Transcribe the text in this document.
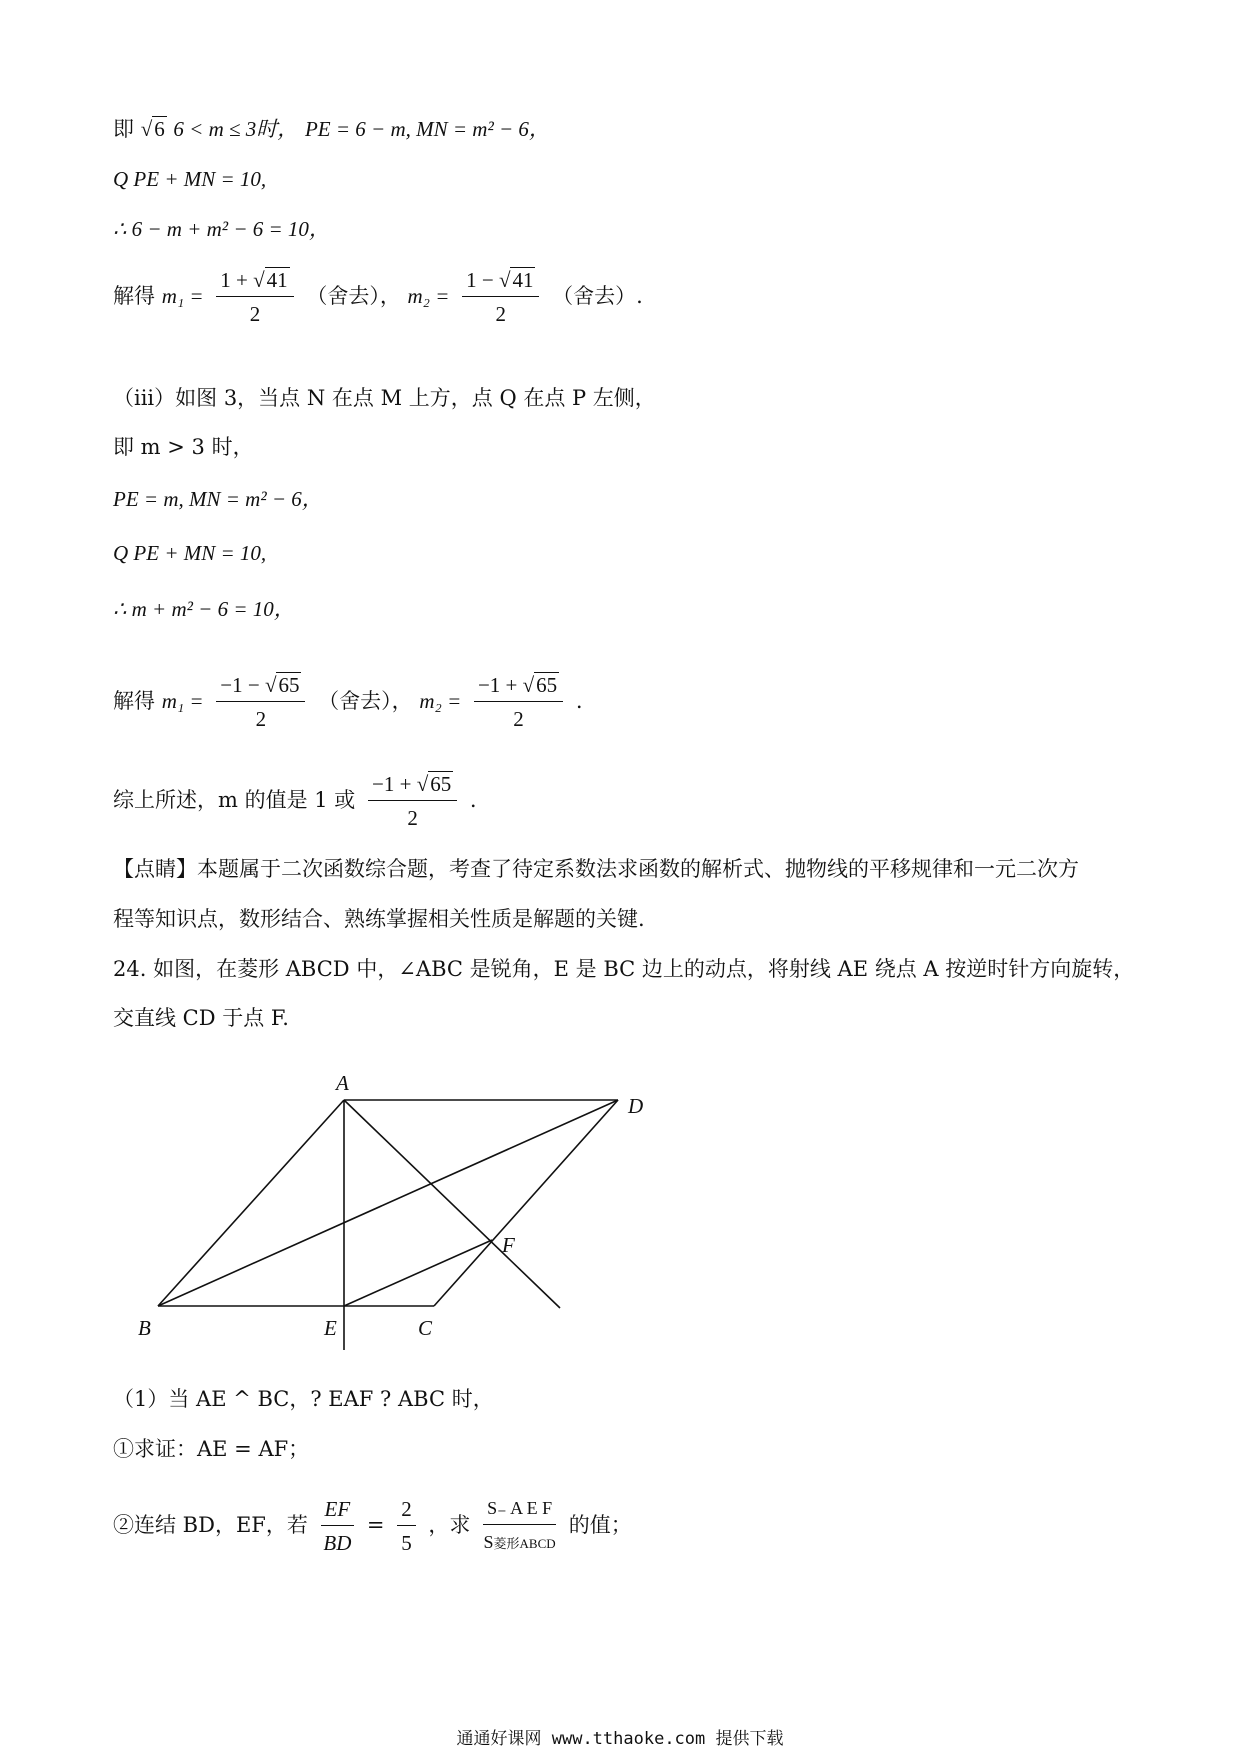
即 √6 6 < m ≤ 3时， PE = 6 − m, MN = m² − 6，
Q PE + MN = 10,
∴ 6 − m + m² − 6 = 10，
解得 $m_1 = \frac{1 + √41}{2}$ （舍去）， $m_2 = \frac{1 - √41}{2}$ （舍去）.
（iii）如图 3，当点 N 在点 M 上方，点 Q 在点 P 左侧，
即 m > 3 时，
PE = m, MN = m² − 6，
Q PE + MN = 10,
∴ m + m² − 6 = 10，
解得 $m_1 = \frac{-1 - √65}{2}$ （舍去）， $m_2 = \frac{-1 + √65}{2}$ .
综上所述，m 的值是 1 或 $\frac{-1 + √65}{2}$ .
【点睛】本题属于二次函数综合题，考查了待定系数法求函数的解析式、抛物线的平移规律和一元二次方
程等知识点，数形结合、熟练掌握相关性质是解题的关键.
24. 如图，在菱形 ABCD 中，∠ABC 是锐角，E 是 BC 边上的动点，将射线 AE 绕点 A 按逆时针方向旋转，
交直线 CD 于点 F.
A
B	C
D
E
F
（1）当 AE ^ BC，? EAF ? ABC 时，
①求证：AE = AF；
②连结 BD，EF，若 $\frac{EF}{BD} = \frac{2}{5}$ ，求 $\frac{\text{S₋ A E F}}{\text{S菱形ABCD}}$ 的值；
通通好课网 www.tthaoke.com 提供下载
